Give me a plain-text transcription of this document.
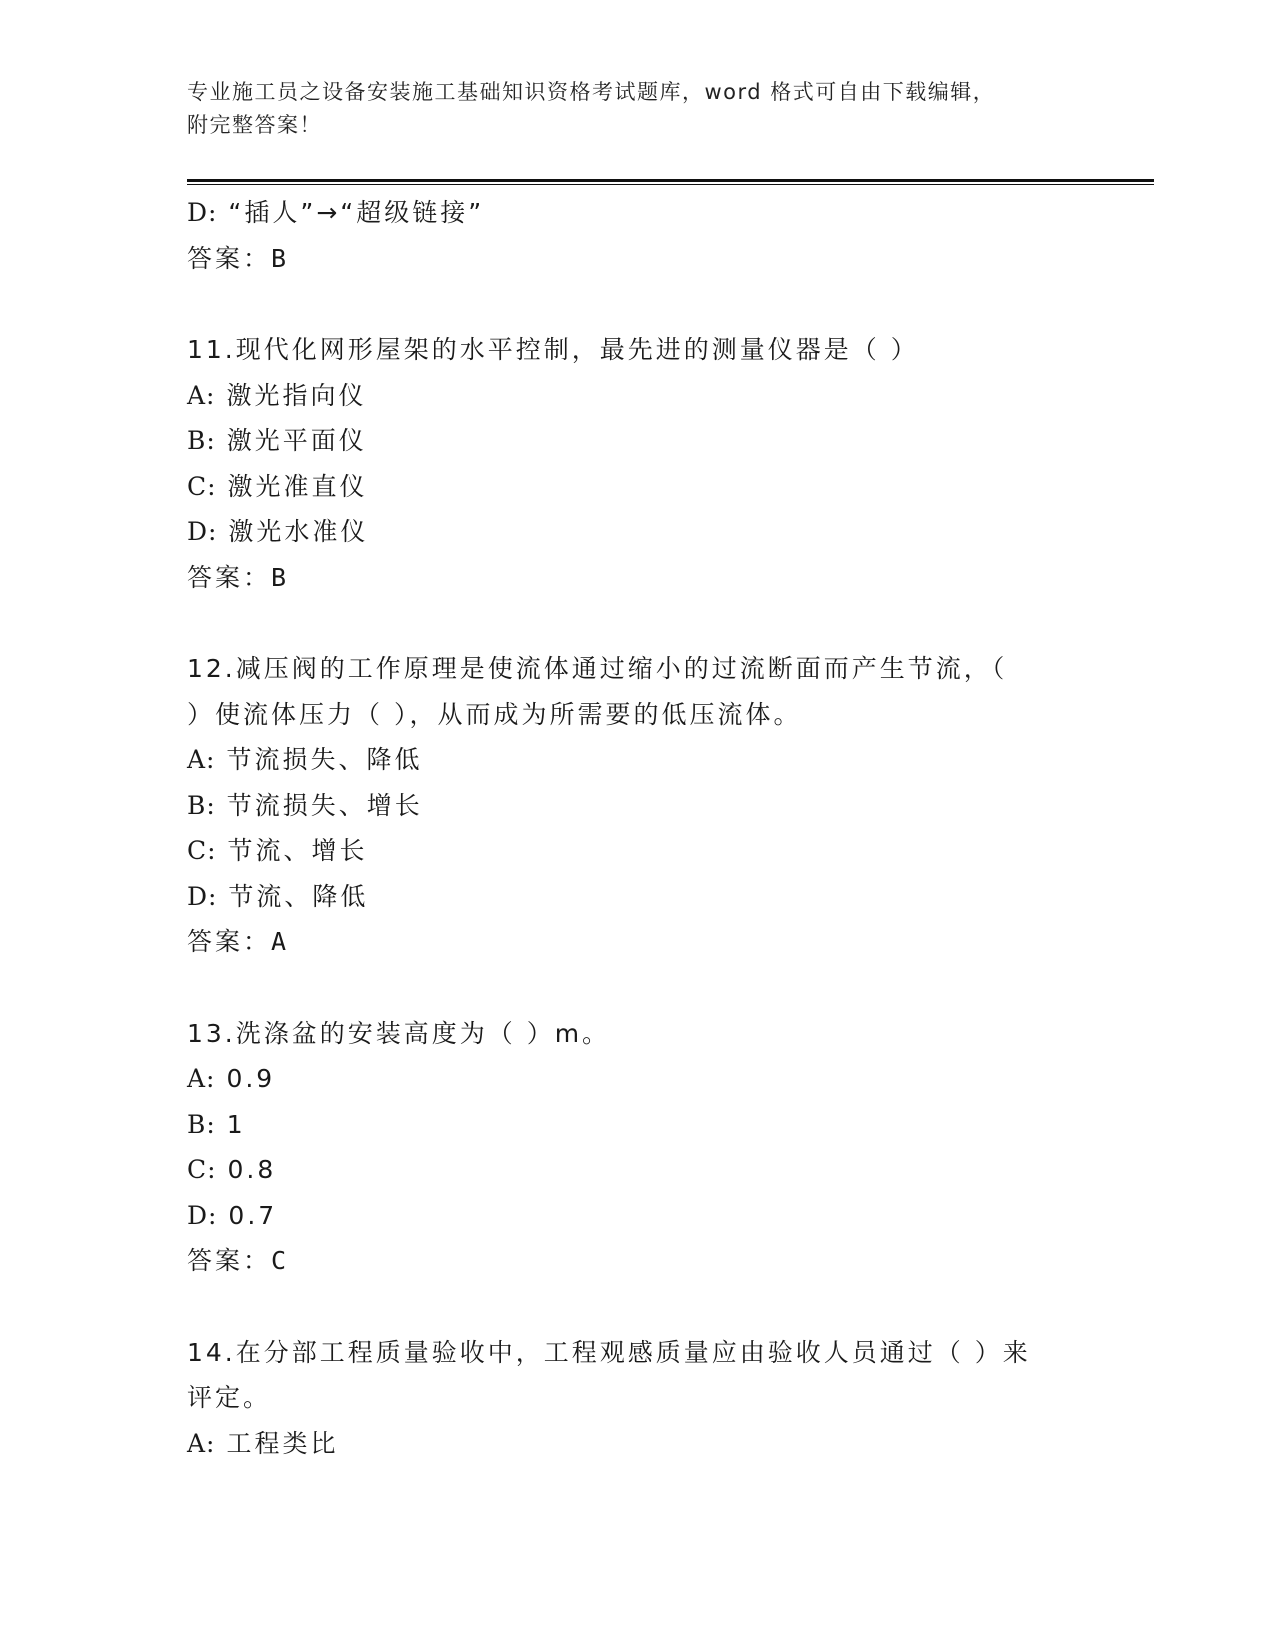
专业施工员之设备安装施工基础知识资格考试题库，word 格式可自由下载编辑，
附完整答案！
D: “插人”→“超级链接”
答案：B
11.现代化网形屋架的水平控制，最先进的测量仪器是（ ）
A: 激光指向仪
B: 激光平面仪
C: 激光准直仪
D: 激光水准仪
答案：B
12.减压阀的工作原理是使流体通过缩小的过流断面而产生节流，（
）使流体压力（ ），从而成为所需要的低压流体。
A: 节流损失、降低
B: 节流损失、增长
C: 节流、增长
D: 节流、降低
答案：A
13.洗涤盆的安装高度为（ ）m。
A: 0.9
B: 1
C: 0.8
D: 0.7
答案：C
14.在分部工程质量验收中，工程观感质量应由验收人员通过（ ）来
评定。
A: 工程类比
